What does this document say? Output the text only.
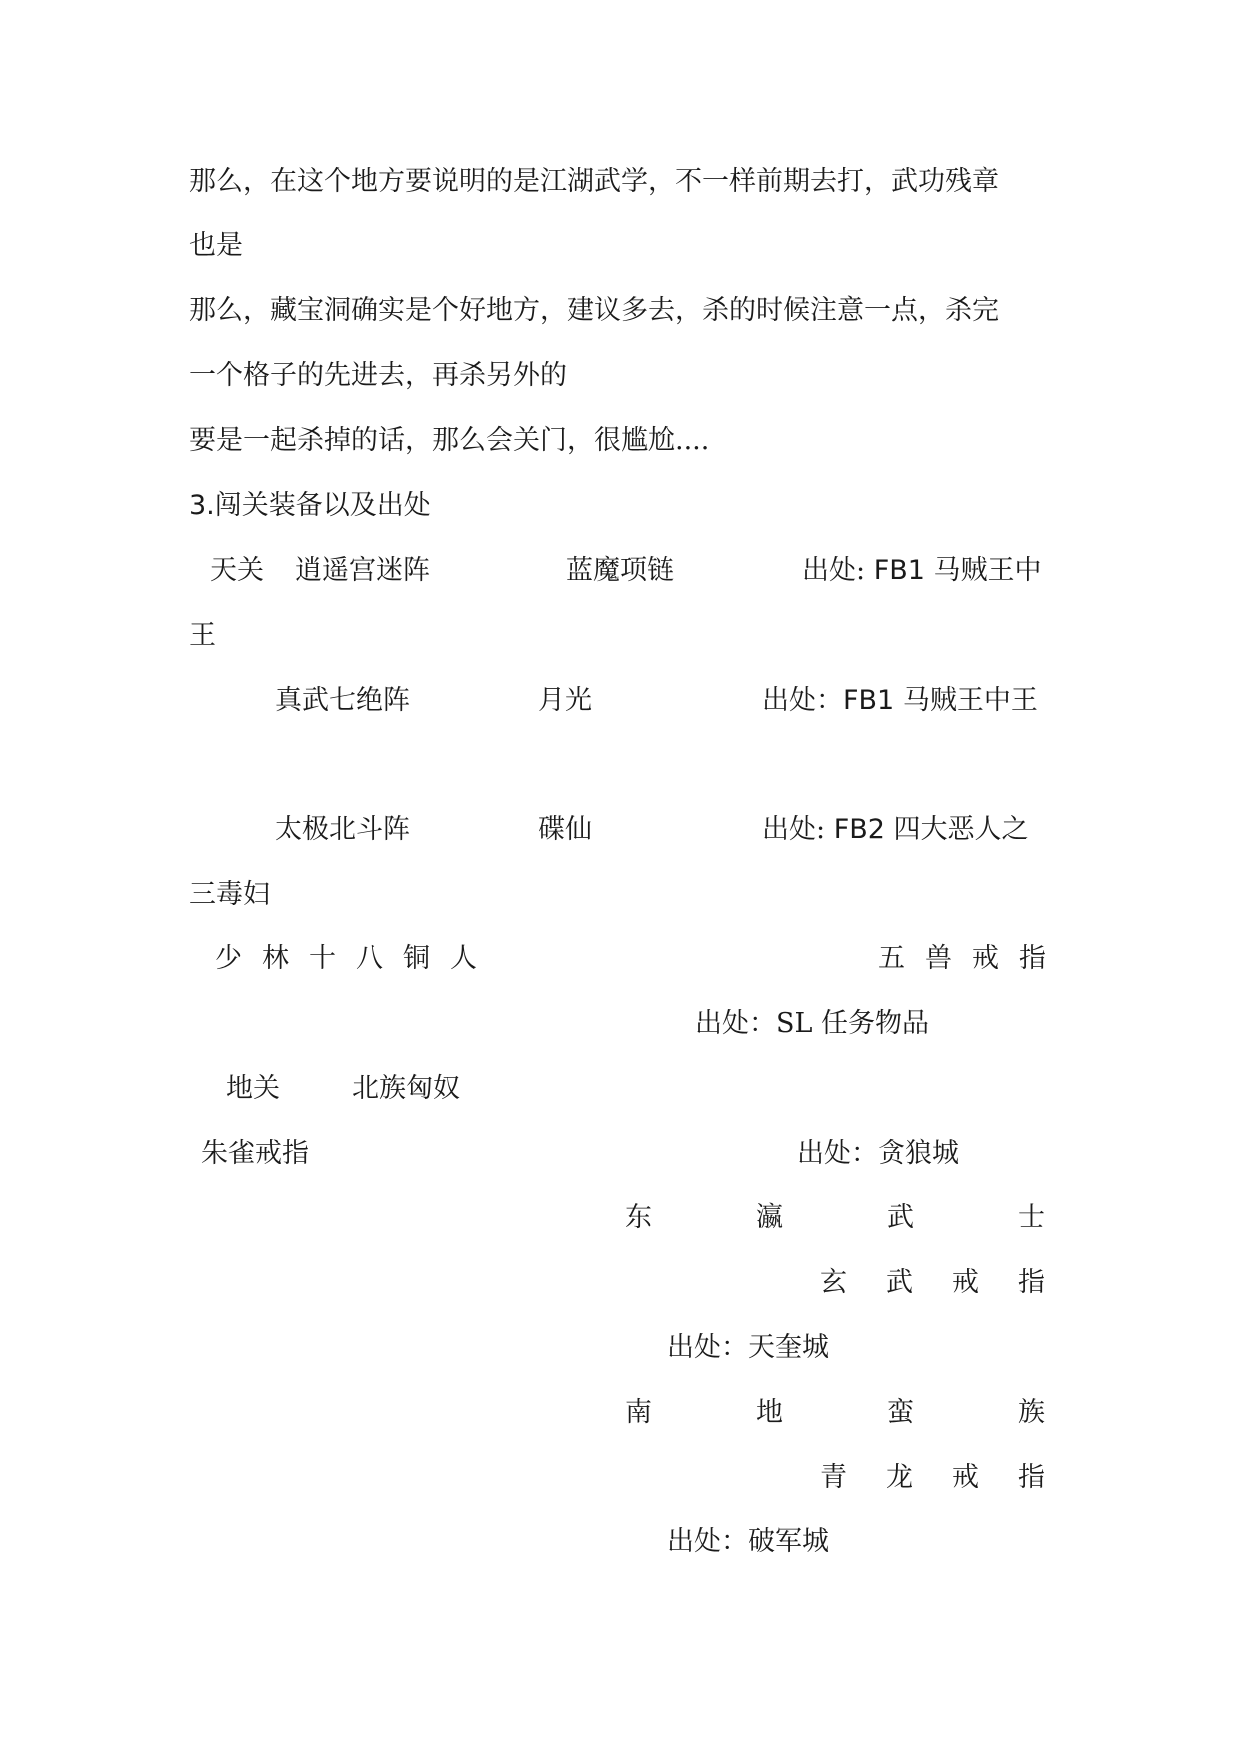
那么，在这个地方要说明的是江湖武学，不一样前期去打，武功残章
也是
那么，藏宝洞确实是个好地方，建议多去，杀的时候注意一点，杀完
一个格子的先进去，再杀另外的
要是一起杀掉的话，那么会关门，很尴尬....
3.闯关装备以及出处
天关 逍遥宫迷阵	蓝魔项链	出处: FB1 马贼王中
王
真武七绝阵	月光	出处：FB1 马贼王中王
太极北斗阵	碟仙	出处: FB2 四大恶人之
三毒妇
少 林 十 八 铜 人	五 兽 戒 指
出处：SL 任务物品
地关	北族匈奴
朱雀戒指	出处：贪狼城
东	瀛	武	士
玄 武 戒 指
出处：天奎城
南	地	蛮	族
青 龙 戒 指
出处：破军城
